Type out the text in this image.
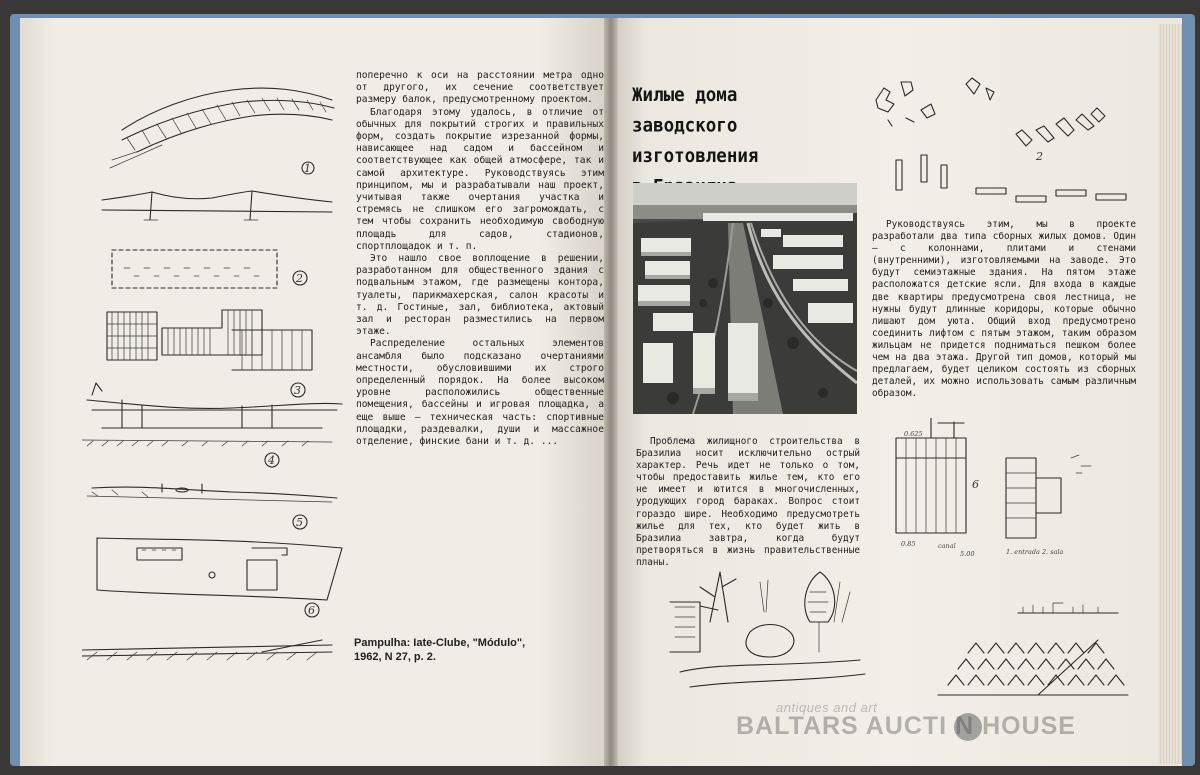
1
2
3
4
5
6

поперечно к оси на расстоянии метра одно от другого, их сечение соответствует размеру балок, предусмотренному проектом.

Благодаря этому удалось, в отличие от обычных для покрытий строгих и правильных форм, создать покрытие изрезанной формы, нависающее над садом и бассейном и соответствующее как общей атмосфере, так и самой архитектуре. Руководствуясь этим принципом, мы и разрабатывали наш проект, учитывая также очертания участка и стремясь не слишком его загромождать, с тем чтобы сохранить необходимую свободную площадь для садов, стадионов, спортплощадок и т. п.

Это нашло свое воплощение в решении, разработанном для общественного здания с подвальным этажом, где размещены контора, туалеты, парикмахерская, салон красоты и т. д. Гостиные, зал, библиотека, актовый зал и ресторан разместились на первом этаже.

Распределение остальных элементов ансамбля было подсказано очертаниями местности, обусловившими их строго определенный порядок. На более высоком уровне расположились общественные помещения, бассейны и игровая площадка, а еще выше — техническая часть: спортивные площадки, раздевалки, души и массажное отделение, финские бани и т. д. ...

Pampulha: Iate-Clube, "Módulo",
1962, N 27, p. 2.
Жилые дома
заводского изготовления

Руководствуясь этим, мы в проекте разработали два типа сборных жилых домов. Один — с колоннами, плитами и стенами (внутренними), изготовляемыми на заводе. Это будут семиэтажные здания. На пятом этаже расположатся детские ясли. Для входа в каждые две квартиры предусмотрена своя лестница, не нужны будут длинные коридоры, которые обычно лишают дом уюта. Общий вход предусмотрено соединить лифтом с пятым этажом, таким образом жильцам не придется подниматься пешком более чем на два этажа. Другой тип домов, который мы предлагаем, будет целиком состоять из сборных деталей, их можно использовать самым различным образом.

Проблема жилищного строительства в Бразилиа носит исключительно острый характер. Речь идет не только о том, чтобы предоставить жилье тем, кто его не имеет и ютится в многочисленных, уродующих город бараках. Вопрос стоит гораздо шире. Необходимо предусмотреть жилье для тех, кто будет жить в Бразилиа завтра, когда будут претворяться в жизнь правительственные планы.

2
0.625
0.85
6
canal
5.00	1. entrada 2. sala
antiques and art
BALTARS AUCTI N HOUSE
